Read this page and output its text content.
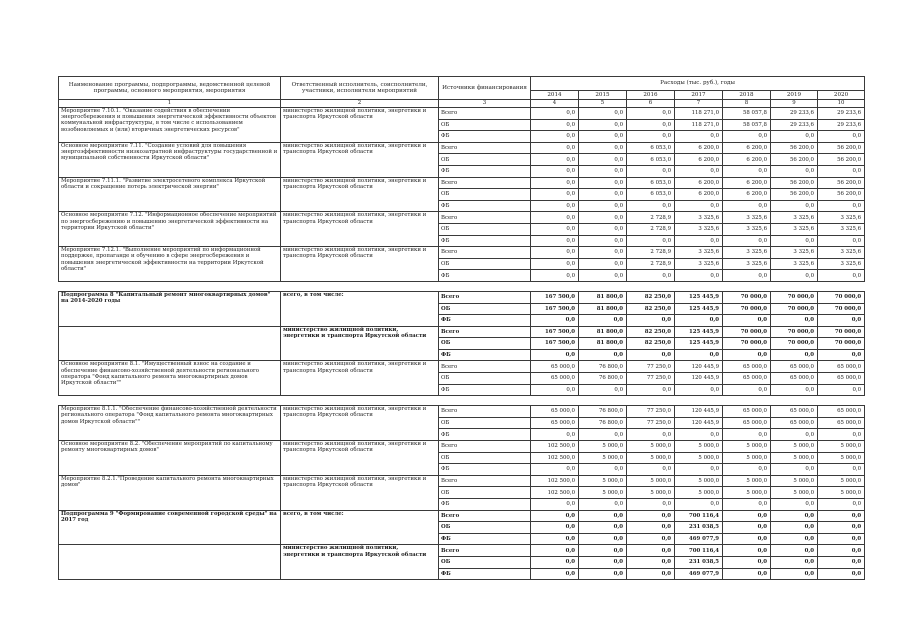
Наименование программы, подпрограммы, ведомственной целевой программы, основного мероприятия, мероприятия	Ответственный исполнитель, соисполнители, участники, исполнители мероприятий	Источники финансирования	Расходы (тыс. руб.), годы						
			2014	2015	2016	2017	2018	2019	2020
1	2	3	4	5	6	7	8	9	10
Мероприятие 7.10.1. "Оказание содействия в обеспечении энергосбережения и повышения энергетической эффективности объектов коммунальной инфраструктуры, в том числе с использованием возобновляемых и (или) вторичных энергетических ресурсов"	министерство жилищной политики, энергетики и транспорта Иркутской области	Всего	0,0	0,0	0,0	118 271,0	58 057,8	29 233,6	29 233,6
		ОБ	0,0	0,0	0,0	118 271,0	58 057,8	29 233,6	29 233,6
		ФБ	0,0	0,0	0,0	0,0	0,0	0,0	0,0
Основное мероприятие 7.11. "Создание условий для повышения энергоэффективности низкозатратной инфраструктуры государственной и муниципальной собственности Иркутской области"	министерство жилищной политики, энергетики и транспорта Иркутской области	Всего	0,0	0,0	6 053,0	6 200,0	6 200,0	56 200,0	56 200,0
		ОБ	0,0	0,0	6 053,0	6 200,0	6 200,0	56 200,0	56 200,0
		ФБ	0,0	0,0	0,0	0,0	0,0	0,0	0,0
Мероприятие 7.11.1. "Развитие электросетевого комплекса Иркутской области и сокращение потерь электрической энергии"	министерство жилищной политики, энергетики и транспорта Иркутской области	Всего	0,0	0,0	6 053,0	6 200,0	6 200,0	56 200,0	56 200,0
		ОБ	0,0	0,0	6 053,0	6 200,0	6 200,0	56 200,0	56 200,0
		ФБ	0,0	0,0	0,0	0,0	0,0	0,0	0,0
Основное мероприятие 7.12. "Информационное обеспечение мероприятий по энергосбережению и повышению энергетической эффективности на территории Иркутской области"	министерство жилищной политики, энергетики и транспорта Иркутской области	Всего	0,0	0,0	2 728,9	3 325,6	3 325,6	3 325,6	3 325,6
		ОБ	0,0	0,0	2 728,9	3 325,6	3 325,6	3 325,6	3 325,6
		ФБ	0,0	0,0	0,0	0,0	0,0	0,0	0,0
Мероприятие 7.12.1. "Выполнение мероприятий по информационной поддержке, пропаганде и обучению в сфере энергосбережения и повышения энергетической эффективности на территории Иркутской области"	министерство жилищной политики, энергетики и транспорта Иркутской области	Всего	0,0	0,0	2 728,9	3 325,6	3 325,6	3 325,6	3 325,6
		ОБ	0,0	0,0	2 728,9	3 325,6	3 325,6	3 325,6	3 325,6
		ФБ	0,0	0,0	0,0	0,0	0,0	0,0	0,0

Подпрограмма 8 "Капитальный ремонт многоквартирных домов" на 2014-2020 годы	всего, в том числе:	Всего	167 500,0	81 800,0	82 250,0	125 445,9	70 000,0	70 000,0	70 000,0
		ОБ	167 500,0	81 800,0	82 250,0	125 445,9	70 000,0	70 000,0	70 000,0
		ФБ	0,0	0,0	0,0	0,0	0,0	0,0	0,0
	министерство жилищной политики, энергетики и транспорта Иркутской области	Всего	167 500,0	81 800,0	82 250,0	125 445,9	70 000,0	70 000,0	70 000,0
		ОБ	167 500,0	81 800,0	82 250,0	125 445,9	70 000,0	70 000,0	70 000,0
		ФБ	0,0	0,0	0,0	0,0	0,0	0,0	0,0
Основное мероприятие 8.1. "Имущественный взнос на создание и обеспечение финансово-хозяйственной деятельности регионального оператора "Фонд капитального ремонта многоквартирных домов Иркутской области""	министерство жилищной политики, энергетики и транспорта Иркутской области	Всего	65 000,0	76 800,0	77 250,0	120 445,9	65 000,0	65 000,0	65 000,0
		ОБ	65 000,0	76 800,0	77 250,0	120 445,9	65 000,0	65 000,0	65 000,0
		ФБ	0,0	0,0	0,0	0,0	0,0	0,0	0,0

Мероприятие 8.1.1. "Обеспечение финансово-хозяйственной деятельности регионального оператора "Фонд капитального ремонта многоквартирных домов Иркутской области""	министерство жилищной политики, энергетики и транспорта Иркутской области	Всего	65 000,0	76 800,0	77 250,0	120 445,9	65 000,0	65 000,0	65 000,0
		ОБ	65 000,0	76 800,0	77 250,0	120 445,9	65 000,0	65 000,0	65 000,0
		ФБ	0,0	0,0	0,0	0,0	0,0	0,0	0,0
Основное мероприятие 8.2. "Обеспечение мероприятий по капитальному ремонту многоквартирных домов"	министерство жилищной политики, энергетики и транспорта Иркутской области	Всего	102 500,0	5 000,0	5 000,0	5 000,0	5 000,0	5 000,0	5 000,0
		ОБ	102 500,0	5 000,0	5 000,0	5 000,0	5 000,0	5 000,0	5 000,0
		ФБ	0,0	0,0	0,0	0,0	0,0	0,0	0,0
Мероприятие 8.2.1."Проведение капитального ремонта многоквартирных домов"	министерство жилищной политики, энергетики и транспорта Иркутской области	Всего	102 500,0	5 000,0	5 000,0	5 000,0	5 000,0	5 000,0	5 000,0
		ОБ	102 500,0	5 000,0	5 000,0	5 000,0	5 000,0	5 000,0	5 000,0
		ФБ	0,0	0,0	0,0	0,0	0,0	0,0	0,0
Подпрограмма 9 "Формирование современной городской среды" на 2017 год	всего, в том числе:	Всего	0,0	0,0	0,0	700 116,4	0,0	0,0	0,0
		ОБ	0,0	0,0	0,0	231 038,5	0,0	0,0	0,0
		ФБ	0,0	0,0	0,0	469 077,9	0,0	0,0	0,0
	министерство жилищной политики, энергетики и транспорта Иркутской области	Всего	0,0	0,0	0,0	700 116,4	0,0	0,0	0,0
		ОБ	0,0	0,0	0,0	231 038,5	0,0	0,0	0,0
		ФБ	0,0	0,0	0,0	469 077,9	0,0	0,0	0,0
